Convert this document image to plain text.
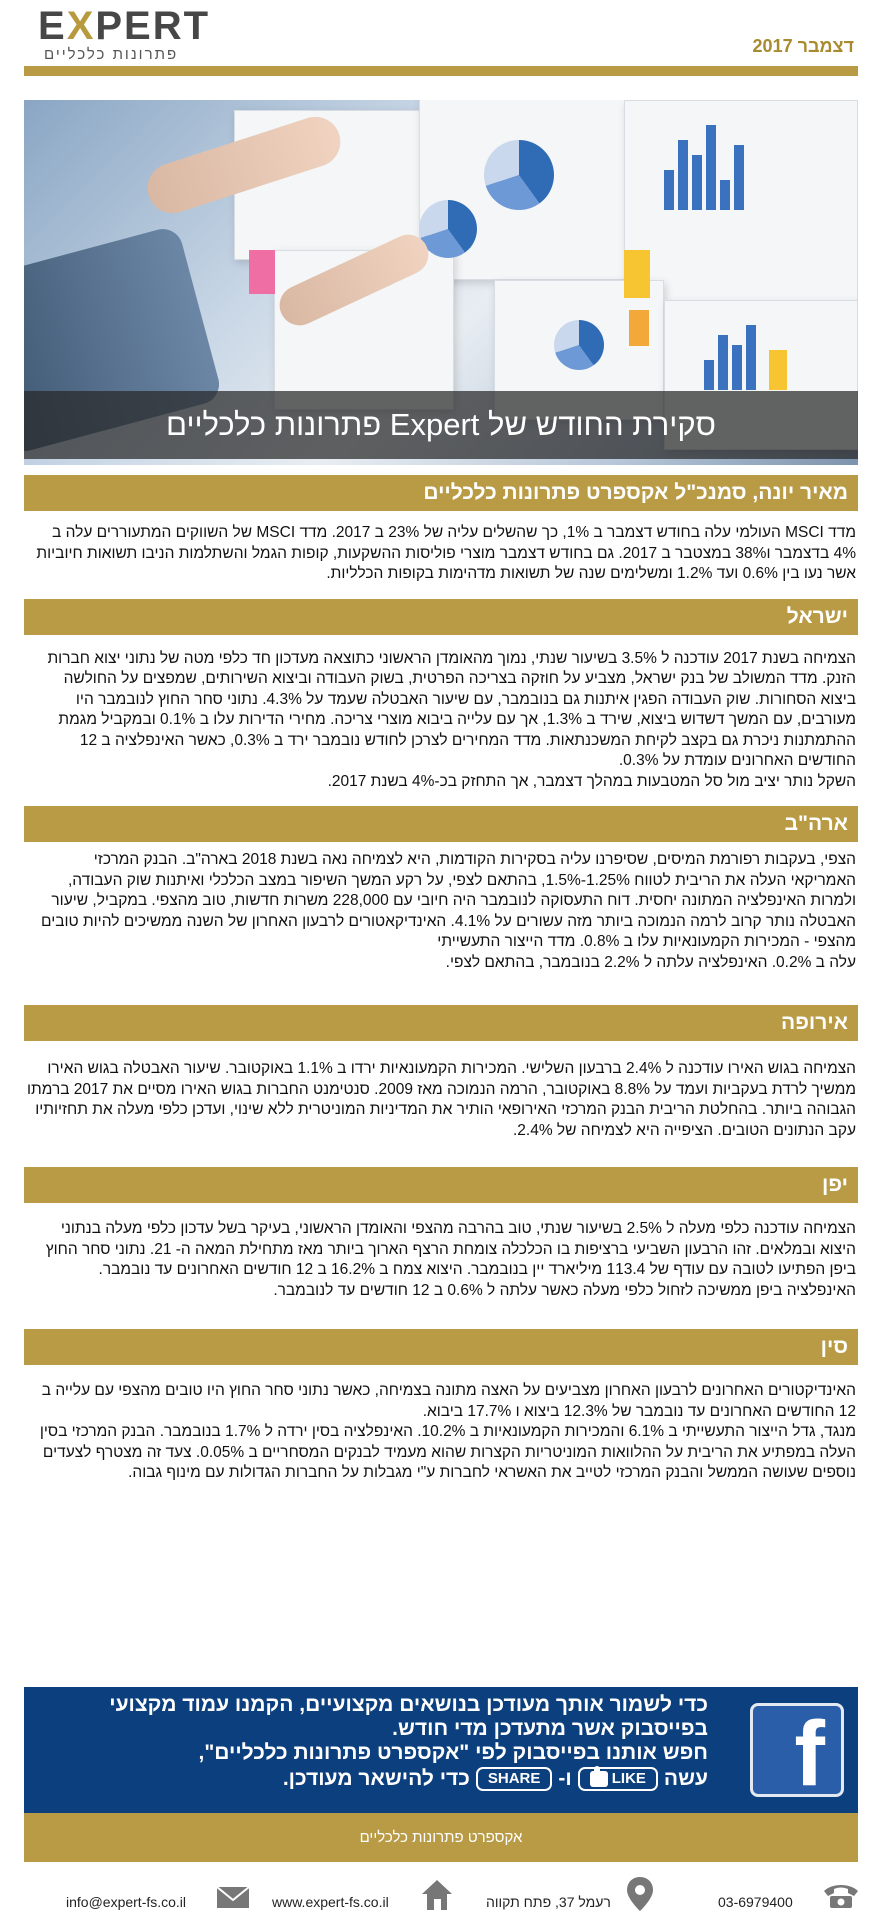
EXPERT
פתרונות כלכליים	דצמבר 2017
סקירת החודש של Expert פתרונות כלכליים
מאיר יונה, סמנכ"ל אקספרט פתרונות כלכליים

מדד MSCI העולמי עלה בחודש דצמבר ב 1%, כך שהשלים עליה של 23% ב 2017. מדד MSCI של השווקים המתעוררים עלה ב 4% בדצמבר ו38% במצטבר ב 2017. גם בחודש דצמבר מוצרי פוליסות ההשקעות, קופות הגמל והשתלמות הניבו תשואות חיוביות אשר נעו בין 0.6% ועד 1.2% ומשלימים שנה של תשואות מדהימות בקופות הכלליות.

ישראל

הצמיחה בשנת 2017 עודכנה ל 3.5% בשיעור שנתי, נמוך מהאומדן הראשוני כתוצאה מעדכון חד כלפי מטה של נתוני יצוא חברות הזנק. מדד המשולב של בנק ישראל, מצביע על חוזקה בצריכה הפרטית, בשוק העבודה וביצוא השירותים, שמפצים על החולשה ביצוא הסחורות. שוק העבודה הפגין איתנות גם בנובמבר, עם שיעור האבטלה שעמד על 4.3%. נתוני סחר החוץ לנובמבר היו מעורבים, עם המשך דשדוש ביצוא, שירד ב 1.3%, אך עם עלייה ביבוא מוצרי צריכה. מחירי הדירות עלו ב 0.1% ובמקביל מגמת ההתמתנות ניכרת גם בקצב לקיחת המשכנתאות. מדד המחירים לצרכן לחודש נובמבר ירד ב 0.3%, כאשר האינפלציה ב 12 החודשים האחרונים עומדת על 0.3%.

השקל נותר יציב מול סל המטבעות במהלך דצמבר, אך התחזק בכ-4% בשנת 2017.

ארה"ב

הצפי, בעקבות רפורמת המיסים, שסיפרנו עליה בסקירות הקודמות, היא לצמיחה נאה בשנת 2018 בארה"ב. הבנק המרכזי האמריקאי העלה את הריבית לטווח 1.25%-1.5%, בהתאם לצפי, על רקע המשך השיפור במצב הכלכלי ואיתנות שוק העבודה, ולמרות האינפלציה המתונה יחסית. דוח התעסוקה לנובמבר היה חיובי עם 228,000 משרות חדשות, טוב מהצפי. במקביל, שיעור האבטלה נותר קרוב לרמה הנמוכה ביותר מזה עשורים על 4.1%. האינדיקאטורים לרבעון האחרון של השנה ממשיכים להיות טובים מהצפי - המכירות הקמעונאיות עלו ב 0.8%. מדד הייצור התעשייתי

עלה ב 0.2%. האינפלציה עלתה ל 2.2% בנובמבר, בהתאם לצפי.

אירופה

הצמיחה בגוש האירו עודכנה ל 2.4% ברבעון השלישי. המכירות הקמעונאיות ירדו ב 1.1% באוקטובר. שיעור האבטלה בגוש האירו ממשיך לרדת בעקביות ועמד על 8.8% באוקטובר, הרמה הנמוכה מאז 2009. סנטימנט החברות בגוש האירו מסיים את 2017 ברמתו הגבוהה ביותר. בהחלטת הריבית הבנק המרכזי האירופאי הותיר את המדיניות המוניטרית ללא שינוי, ועדכן כלפי מעלה את תחזיותיו עקב הנתונים הטובים. הציפייה היא לצמיחה של 2.4%.

יפן

הצמיחה עודכנה כלפי מעלה ל 2.5% בשיעור שנתי, טוב בהרבה מהצפי והאומדן הראשוני, בעיקר בשל עדכון כלפי מעלה בנתוני היצוא ובמלאים. זהו הרבעון השביעי ברציפות בו הכלכלה צומחת הרצף הארוך ביותר מאז מתחילת המאה ה- 21. נתוני סחר החוץ ביפן הפתיעו לטובה עם עודף של 113.4 מיליארד יין בנובמבר. היצוא צמח ב 16.2% ב 12 חודשים האחרונים עד נובמבר. האינפלציה ביפן ממשיכה לזחול כלפי מעלה כאשר עלתה ל 0.6% ב 12 חודשים עד לנובמבר.

סין

האינדיקטורים האחרונים לרבעון האחרון מצביעים על האצה מתונה בצמיחה, כאשר נתוני סחר החוץ היו טובים מהצפי עם עלייה ב 12 החודשים האחרונים עד נובמבר של 12.3% ביצוא ו 17.7% ביבוא.

מנגד, גדל הייצור התעשייתי ב 6.1% והמכירות הקמעונאיות ב 10.2%. האינפלציה בסין ירדה ל 1.7% בנובמבר. הבנק המרכזי בסין העלה במפתיע את הריבית על ההלוואות המוניטריות הקצרות שהוא מעמיד לבנקים המסחריים ב 0.05%. צעד זה מצטרף לצעדים נוספים שעושה הממשל והבנק המרכזי לטייב את האשראי לחברות ע"י מגבלות על החברות הגדולות עם מינוף גבוה.

f
כדי לשמור אותך מעודכן בנושאים מקצועיים, הקמנו עמוד מקצועי
בפייסבוק אשר מתעדכן מדי חודש.
חפש אותנו בפייסבוק לפי "אקספרט פתרונות כלכליים",
עשה
LIKE
ו-
SHARE
כדי להישאר מעודכן.
אקספרט פתרונות כלכליים
info@expert-fs.co.il	www.expert-fs.co.il	רעמל 37, פתח תקווה	03-6979400
